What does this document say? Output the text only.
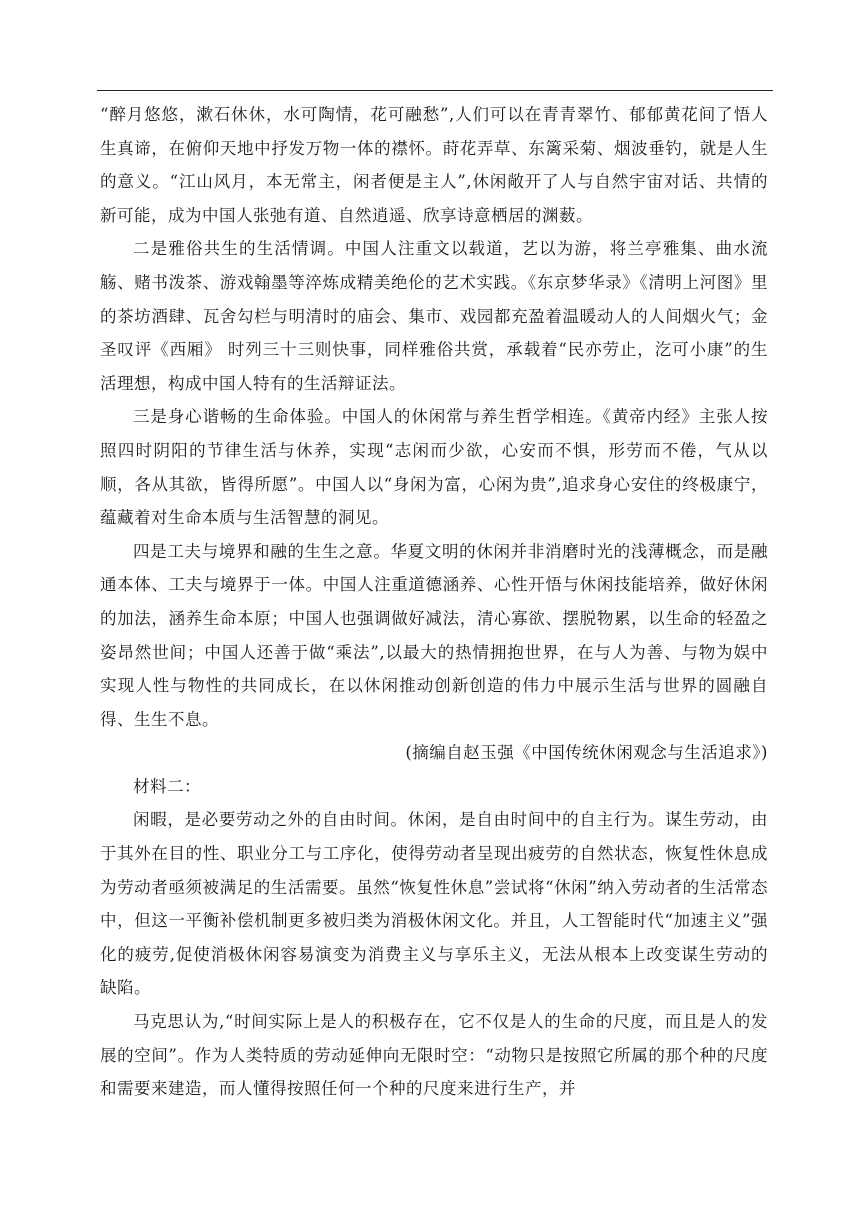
“醉月悠悠，漱石休休，水可陶情，花可融愁”,人们可以在青青翠竹、郁郁黄花间了悟人生真谛，在俯仰天地中抒发万物一体的襟怀。莳花弄草、东篱采菊、烟波垂钓，就是人生的意义。“江山风月，本无常主，闲者便是主人”,休闲敞开了人与自然宇宙对话、共情的新可能，成为中国人张弛有道、自然逍遥、欣享诗意栖居的渊薮。

二是雅俗共生的生活情调。中国人注重文以载道，艺以为游，将兰亭雅集、曲水流觞、赌书泼茶、游戏翰墨等淬炼成精美绝伦的艺术实践。《东京梦华录》《清明上河图》里的茶坊酒肆、瓦舍勾栏与明清时的庙会、集市、戏园都充盈着温暖动人的人间烟火气；金圣叹评《西厢》 时列三十三则快事，同样雅俗共赏，承载着“民亦劳止，汔可小康”的生活理想，构成中国人特有的生活辩证法。

三是身心谐畅的生命体验。中国人的休闲常与养生哲学相连。《黄帝内经》主张人按照四时阴阳的节律生活与休养，实现“志闲而少欲，心安而不惧，形劳而不倦，气从以顺，各从其欲，皆得所愿”。中国人以“身闲为富，心闲为贵”,追求身心安住的终极康宁，蕴藏着对生命本质与生活智慧的洞见。

四是工夫与境界和融的生生之意。华夏文明的休闲并非消磨时光的浅薄概念，而是融通本体、工夫与境界于一体。中国人注重道德涵养、心性开悟与休闲技能培养，做好休闲的加法，涵养生命本原；中国人也强调做好减法，清心寡欲、摆脱物累，以生命的轻盈之姿昂然世间；中国人还善于做“乘法”,以最大的热情拥抱世界，在与人为善、与物为娱中实现人性与物性的共同成长，在以休闲推动创新创造的伟力中展示生活与世界的圆融自得、生生不息。

(摘编自赵玉强《中国传统休闲观念与生活追求》)

材料二：

闲暇，是必要劳动之外的自由时间。休闲，是自由时间中的自主行为。谋生劳动，由于其外在目的性、职业分工与工序化，使得劳动者呈现出疲劳的自然状态，恢复性休息成为劳动者亟须被满足的生活需要。虽然“恢复性休息”尝试将“休闲”纳入劳动者的生活常态中，但这一平衡补偿机制更多被归类为消极休闲文化。并且，人工智能时代“加速主义”强化的疲劳,促使消极休闲容易演变为消费主义与享乐主义，无法从根本上改变谋生劳动的缺陷。

马克思认为,“时间实际上是人的积极存在，它不仅是人的生命的尺度，而且是人的发展的空间”。作为人类特质的劳动延伸向无限时空：“动物只是按照它所属的那个种的尺度和需要来建造，而人懂得按照任何一个种的尺度来进行生产，并
